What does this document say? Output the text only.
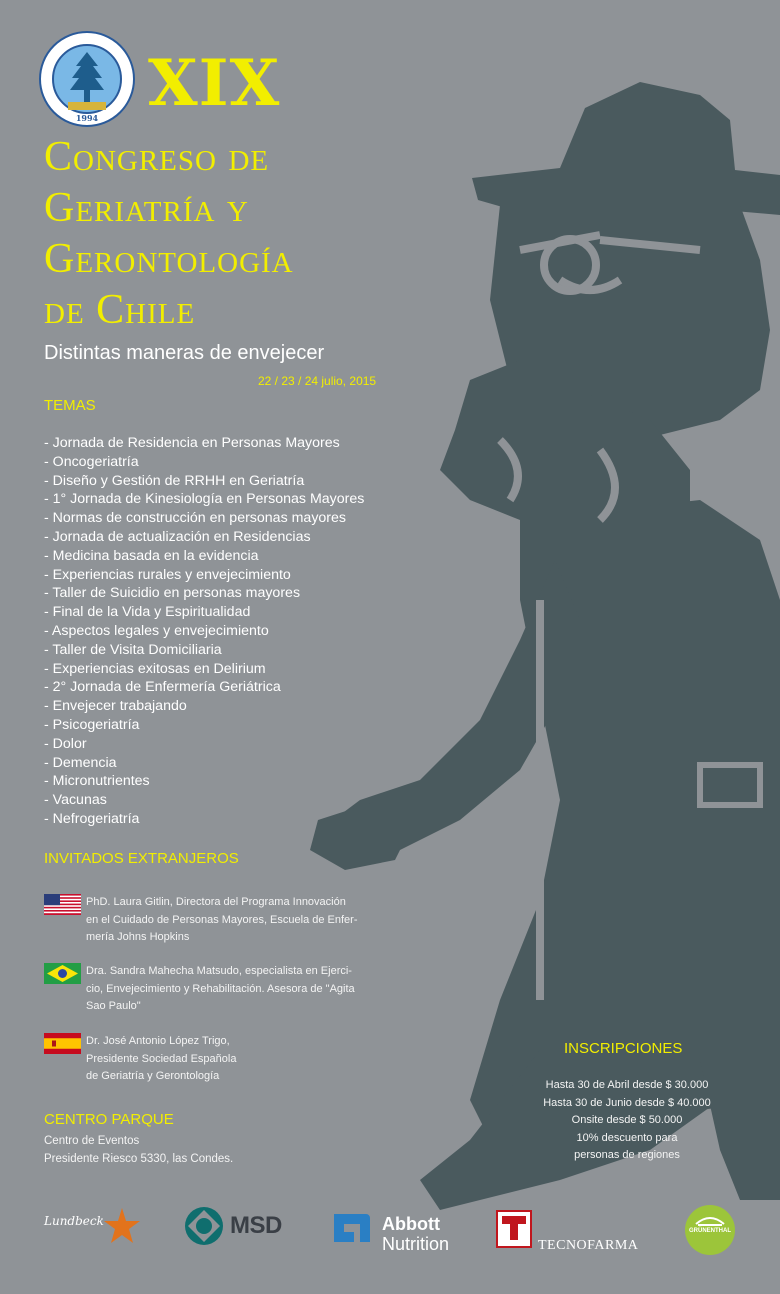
1994 XIX
Congreso de
Geriatría y
Gerontología
de Chile
Distintas maneras de envejecer
22 / 23 / 24 julio, 2015
TEMAS
- Jornada de Residencia en Personas Mayores
- Oncogeriatría
- Diseño y Gestión de RRHH en Geriatría
- 1° Jornada de Kinesiología en Personas Mayores
- Normas de construcción en personas mayores
- Jornada de actualización en Residencias
- Medicina basada en la evidencia
- Experiencias rurales y envejecimiento
- Taller de Suicidio en personas mayores
- Final de la Vida y Espiritualidad
- Aspectos legales y envejecimiento
- Taller de Visita Domiciliaria
- Experiencias exitosas en Delirium
- 2° Jornada de Enfermería Geriátrica
- Envejecer trabajando
- Psicogeriatría
- Dolor
- Demencia
- Micronutrientes
- Vacunas
- Nefrogeriatría
INVITADOS EXTRANJEROS
PhD. Laura Gitlin, Directora del Programa Innovación
en el Cuidado de Personas Mayores, Escuela de Enfer-
mería Johns Hopkins
Dra. Sandra Mahecha Matsudo, especialista en Ejerci-
cio, Envejecimiento y Rehabilitación. Asesora de "Agita
Sao Paulo"
Dr. José Antonio López Trigo,
Presidente Sociedad Española
de Geriatría y Gerontología
CENTRO PARQUE
Centro de Eventos
Presidente Riesco 5330, las Condes.
INSCRIPCIONES
Hasta 30 de Abril desde $ 30.000
Hasta 30 de Junio desde $ 40.000
Onsite desde $ 50.000
10% descuento para
personas de regiones
Lundbeck	MSD	Abbott
Nutrition	TECNOFARMA
GRÜNENTHAL
